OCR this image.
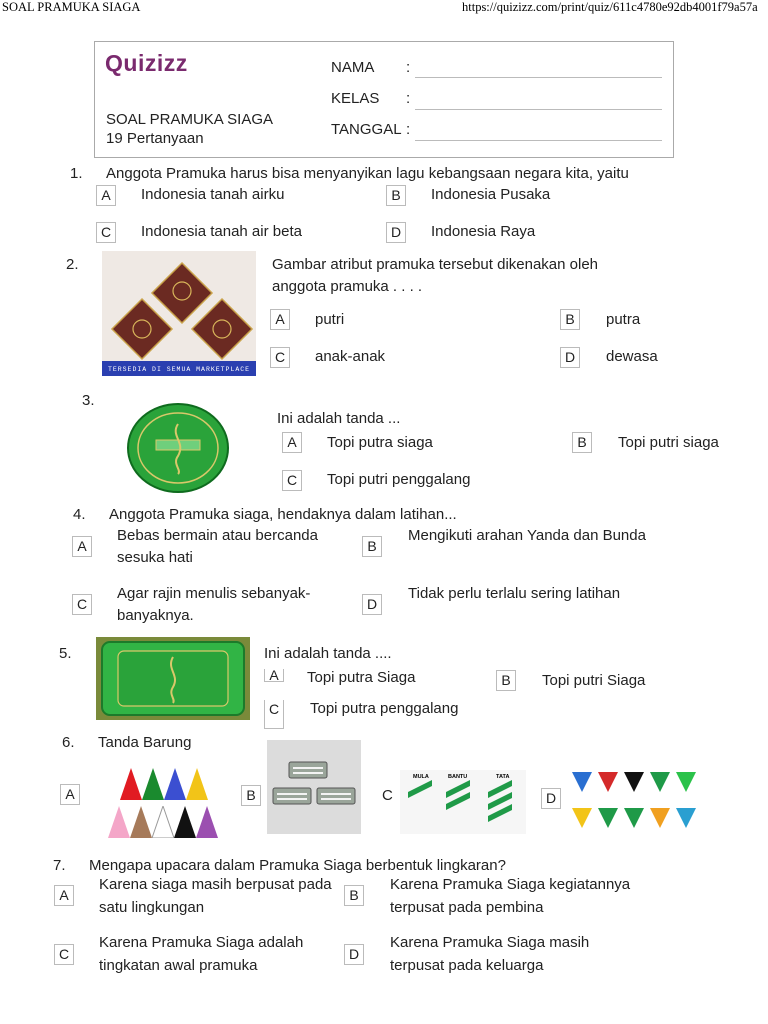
SOAL PRAMUKA SIAGA	https://quizizz.com/print/quiz/611c4780e92db4001f79a57a
Quizizz
SOAL PRAMUKA SIAGA
19 Pertanyaan
NAMA :
KELAS :
TANGGAL :
1. Anggota Pramuka harus bisa menyanyikan lagu kebangsaan negara kita, yaitu
A	Indonesia tanah airku	B	Indonesia Pusaka
C	Indonesia tanah air beta	D	Indonesia Raya
2.
TERSEDIA DI SEMUA MARKETPLACE
Gambar atribut pramuka tersebut dikenakan oleh
anggota pramuka . . . .
A	putri	B	putra
C	anak-anak	D	dewasa
3.
Ini adalah tanda ...
A	Topi putra siaga	B	Topi putri siaga
C	Topi putri penggalang
4. Anggota Pramuka siaga, hendaknya dalam latihan...
A
Bebas bermain atau bercanda
sesuka hati
B
Mengikuti arahan Yanda dan Bunda
C
Agar rajin menulis sebanyak-
banyaknya.
D
Tidak perlu terlalu sering latihan
5.	Ini adalah tanda ....
A	Topi putra Siaga	B	Topi putri Siaga
C	Topi putra penggalang
6. Tanda Barung
A	B	C
MULA	BANTU	TATA
D
7. Mengapa upacara dalam Pramuka Siaga berbentuk lingkaran?
A
Karena siaga masih berpusat pada
satu lingkungan
B
Karena Pramuka Siaga kegiatannya
terpusat pada pembina
C
Karena Pramuka Siaga adalah
tingkatan awal pramuka
D
Karena Pramuka Siaga masih
terpusat pada keluarga
